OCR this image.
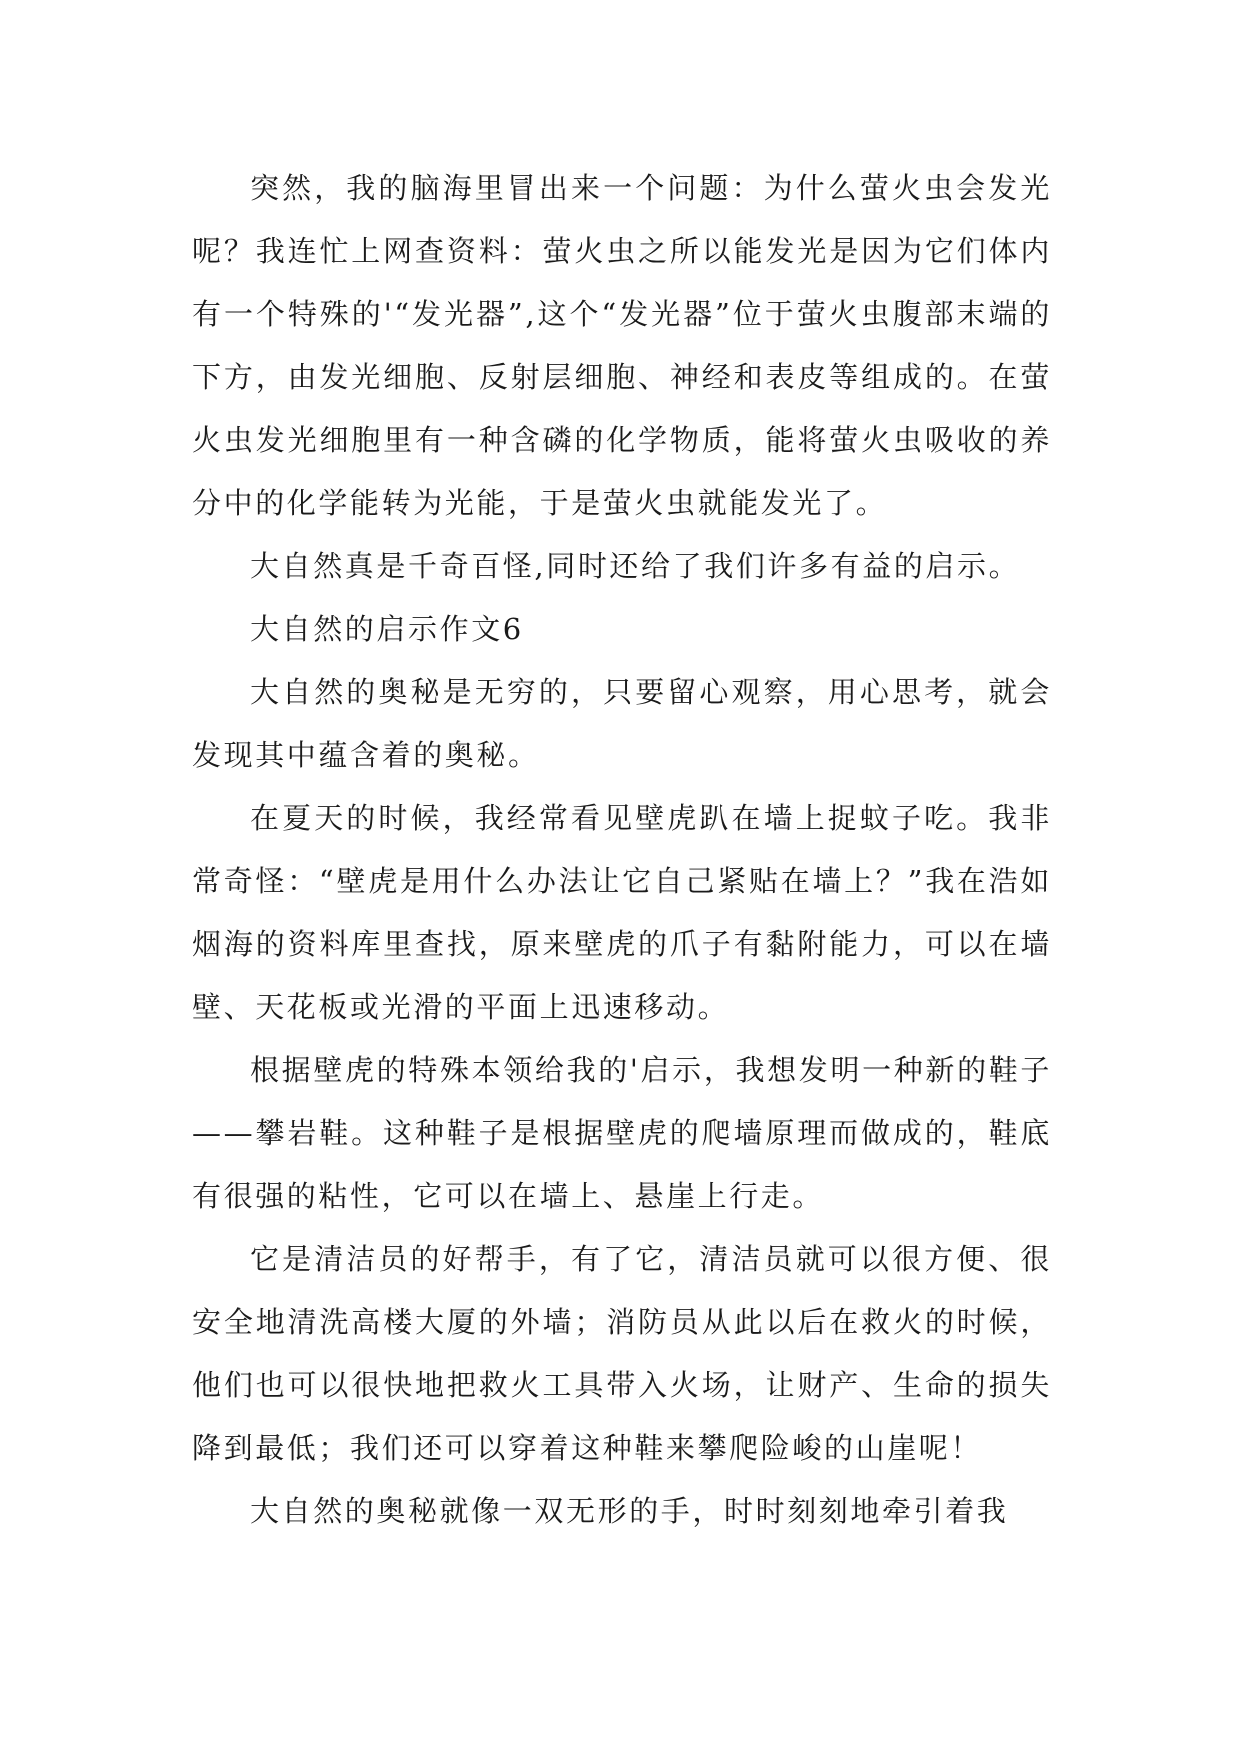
突然，我的脑海里冒出来一个问题：为什么萤火虫会发光呢？我连忙上网查资料：萤火虫之所以能发光是因为它们体内有一个特殊的'“发光器”,这个“发光器”位于萤火虫腹部末端的下方，由发光细胞、反射层细胞、神经和表皮等组成的。在萤火虫发光细胞里有一种含磷的化学物质，能将萤火虫吸收的养分中的化学能转为光能，于是萤火虫就能发光了。

大自然真是千奇百怪,同时还给了我们许多有益的启示。

大自然的启示作文6

大自然的奥秘是无穷的，只要留心观察，用心思考，就会发现其中蕴含着的奥秘。

在夏天的时候，我经常看见壁虎趴在墙上捉蚊子吃。我非常奇怪：“壁虎是用什么办法让它自己紧贴在墙上？”我在浩如烟海的资料库里查找，原来壁虎的爪子有黏附能力，可以在墙壁、天花板或光滑的平面上迅速移动。

根据壁虎的特殊本领给我的'启示，我想发明一种新的鞋子——攀岩鞋。这种鞋子是根据壁虎的爬墙原理而做成的，鞋底有很强的粘性，它可以在墙上、悬崖上行走。

它是清洁员的好帮手，有了它，清洁员就可以很方便、很安全地清洗高楼大厦的外墙；消防员从此以后在救火的时候，他们也可以很快地把救火工具带入火场，让财产、生命的损失降到最低；我们还可以穿着这种鞋来攀爬险峻的山崖呢！

大自然的奥秘就像一双无形的手，时时刻刻地牵引着我
